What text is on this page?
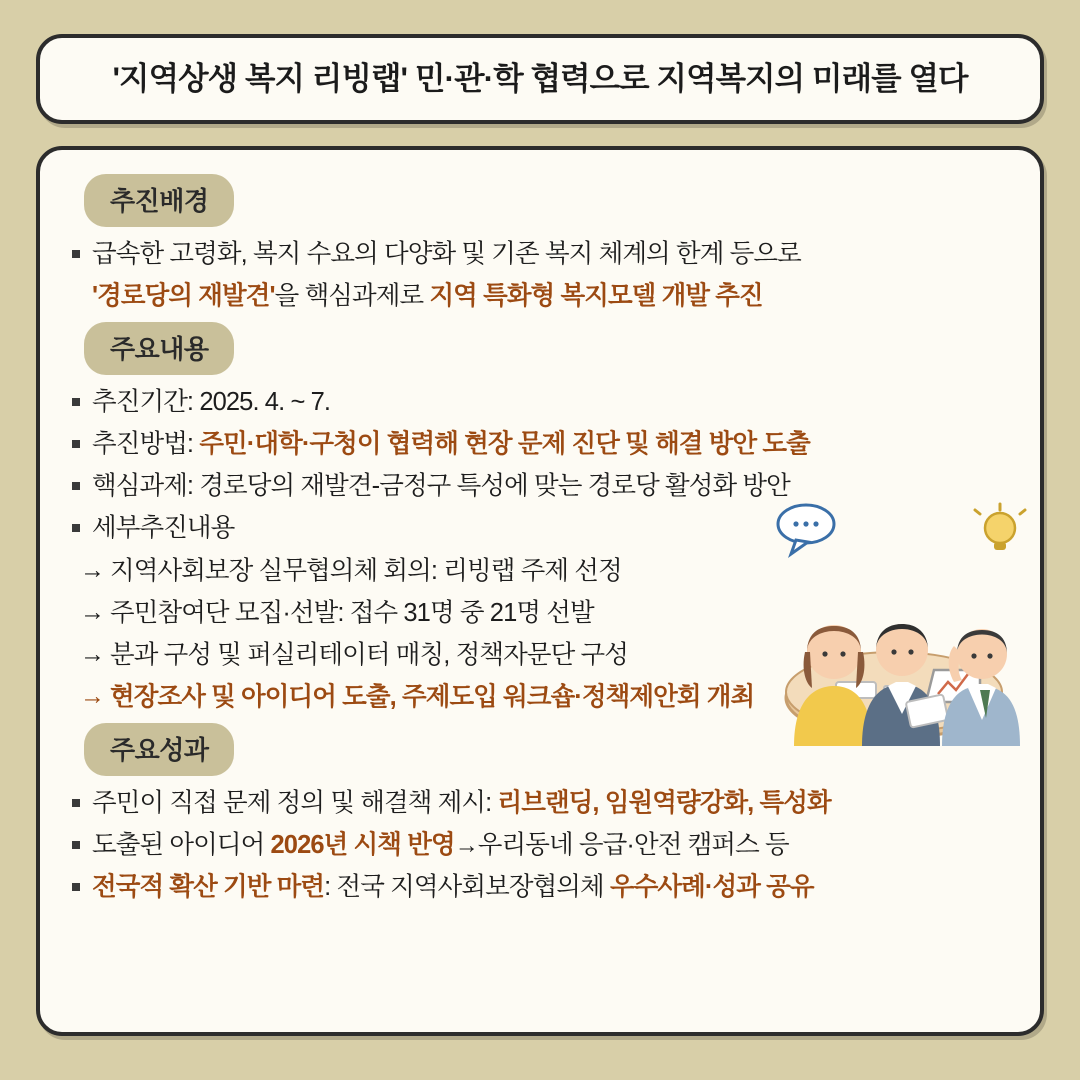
'지역상생 복지 리빙랩' 민·관·학 협력으로 지역복지의 미래를 열다
추진배경
급속한 고령화, 복지 수요의 다양화 및 기존 복지 체계의 한계 등으로
'경로당의 재발견'을 핵심과제로 지역 특화형 복지모델 개발 추진
주요내용
추진기간: 2025. 4. ~ 7.
추진방법: 주민·대학·구청이 협력해 현장 문제 진단 및 해결 방안 도출
핵심과제: 경로당의 재발견-금정구 특성에 맞는 경로당 활성화 방안
세부추진내용
→ 지역사회보장 실무협의체 회의: 리빙랩 주제 선정
→ 주민참여단 모집·선발: 접수 31명 중 21명 선발
→ 분과 구성 및 퍼실리테이터 매칭, 정책자문단 구성
→ 현장조사 및 아이디어 도출, 주제도입 워크숍·정책제안회 개최
주요성과
주민이 직접 문제 정의 및 해결책 제시: 리브랜딩, 임원역량강화, 특성화
도출된 아이디어 2026년 시책 반영→우리동네 응급·안전 캠퍼스 등
전국적 확산 기반 마련: 전국 지역사회보장협의체 우수사례·성과 공유
